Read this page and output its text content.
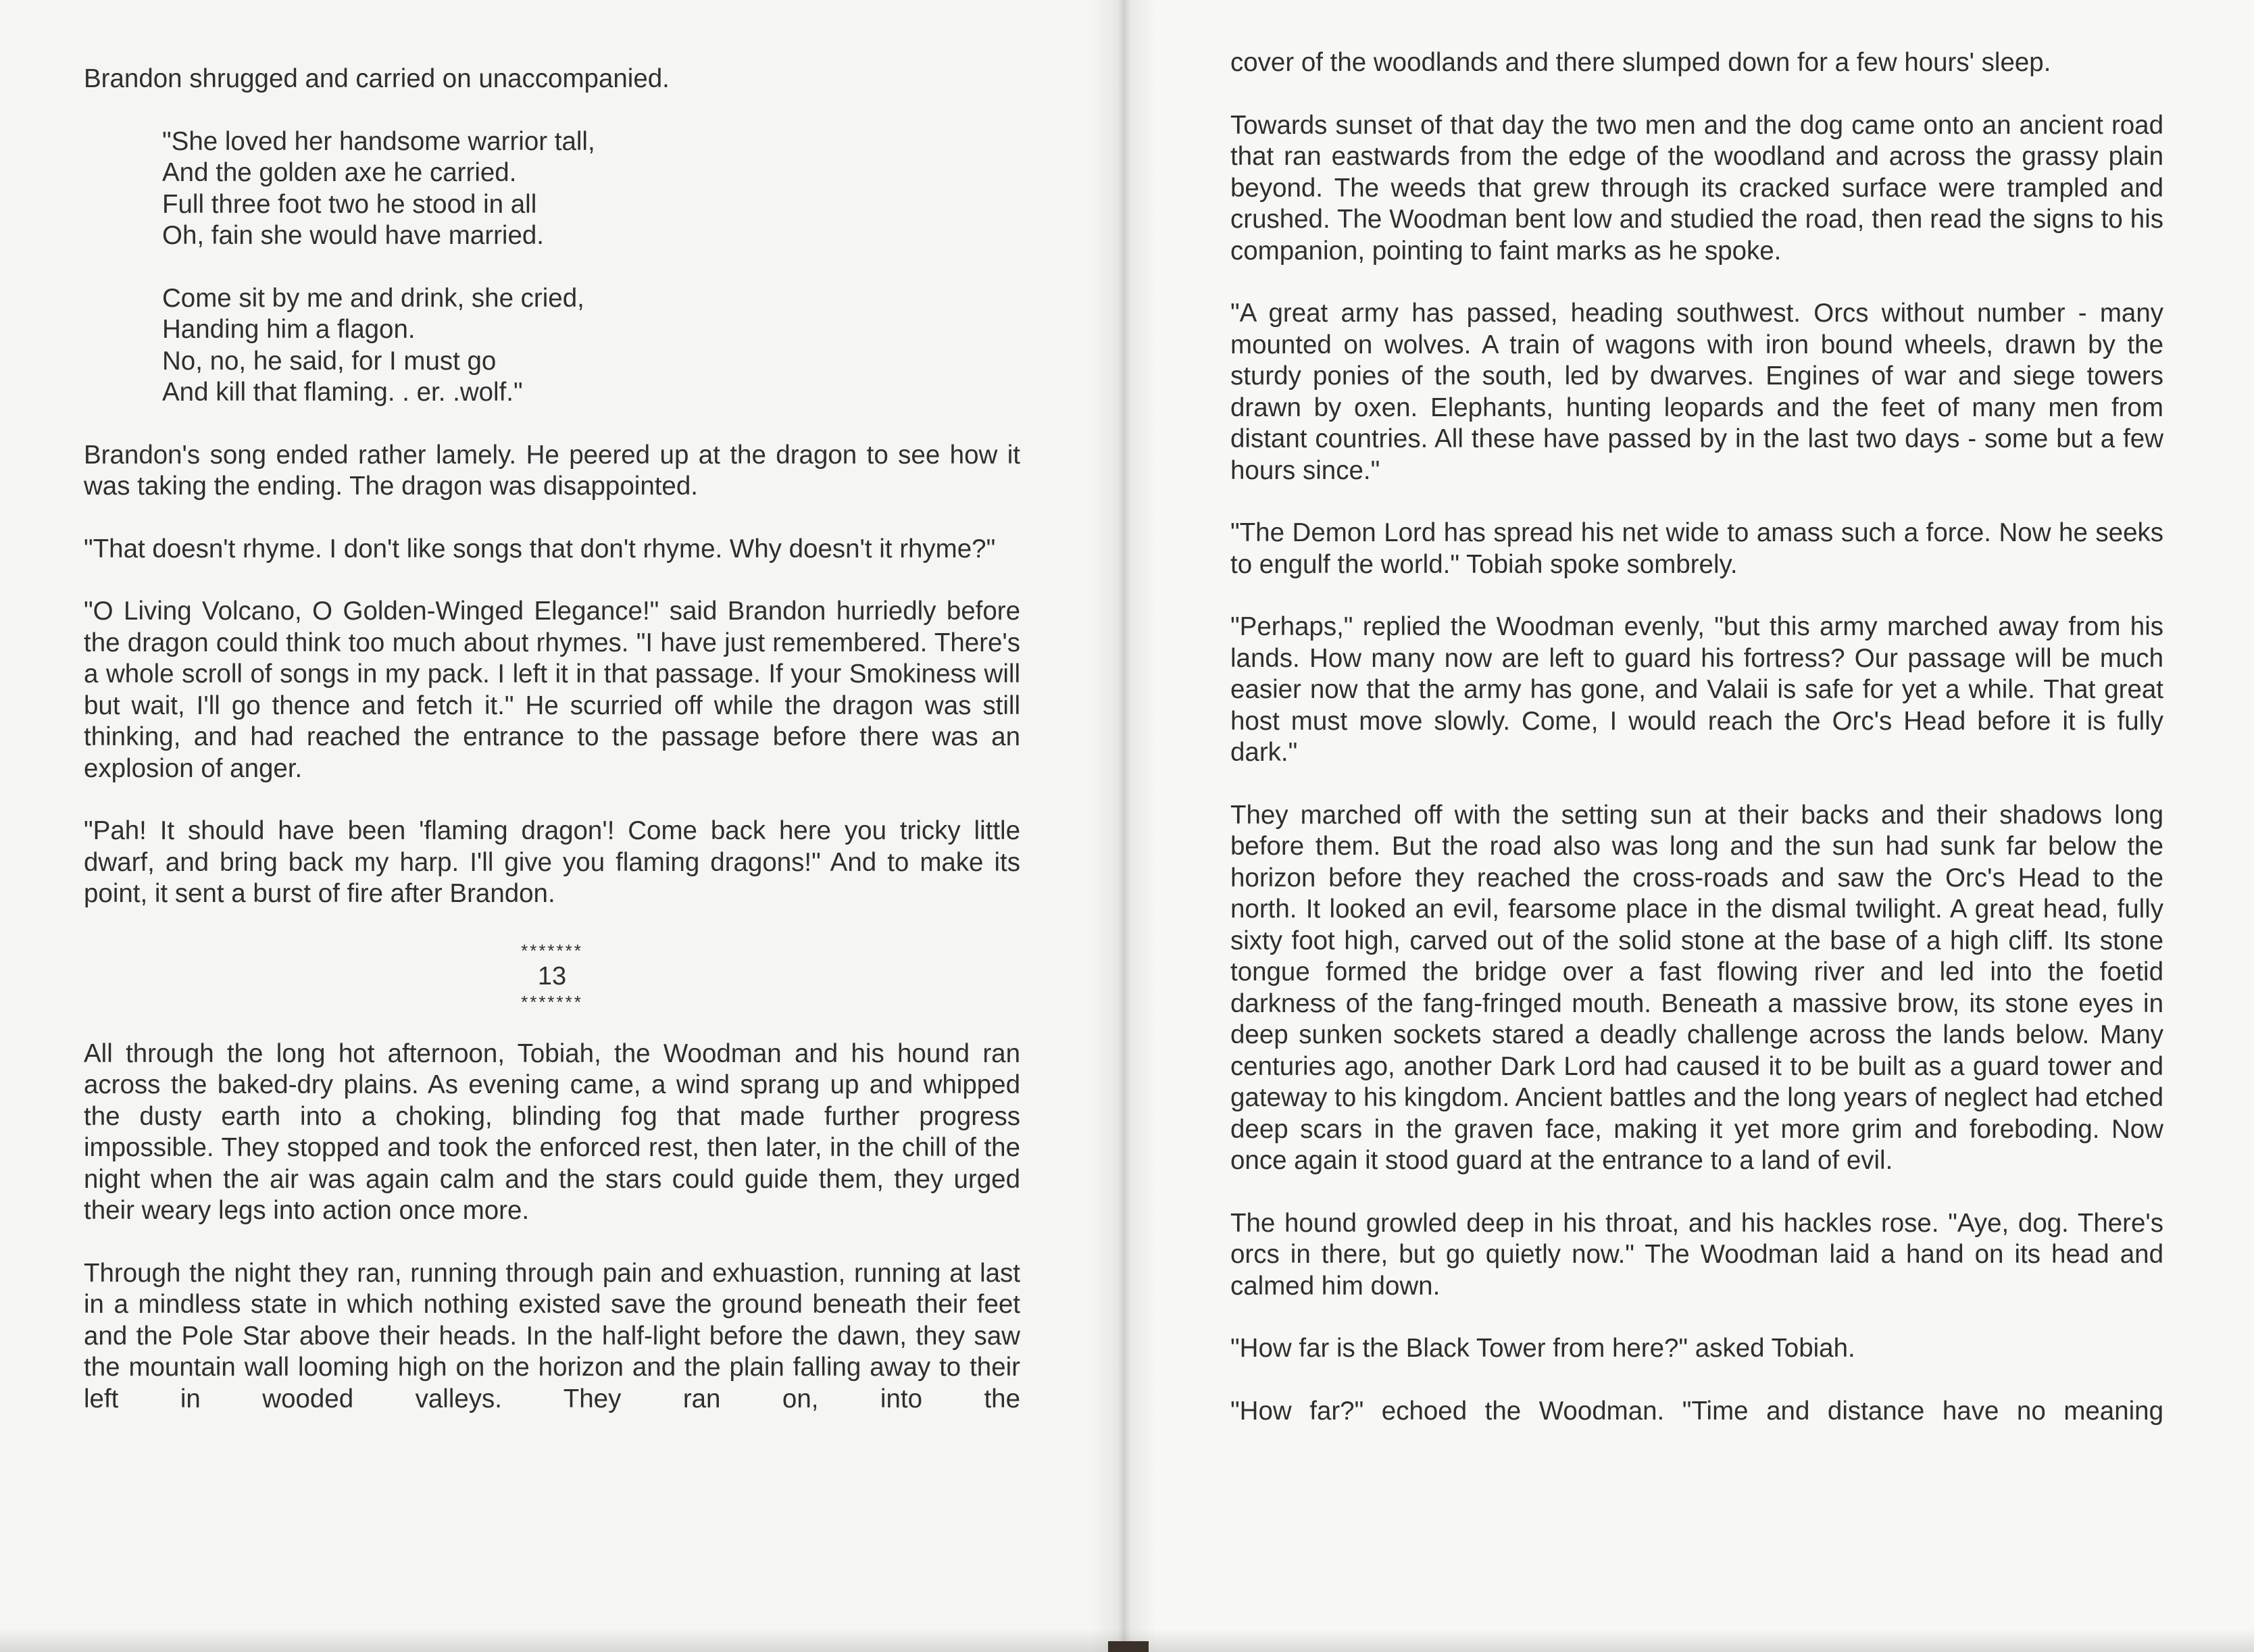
Brandon shrugged and carried on unaccompanied.

"She loved her handsome warrior tall,
And the golden axe he carried.
Full three foot two he stood in all
Oh, fain she would have married.
Come sit by me and drink, she cried,
Handing him a flagon.
No, no, he said, for I must go
And kill that flaming. . er. .wolf."

Brandon's song ended rather lamely. He peered up at the dragon to see how it was taking the ending. The dragon was disappointed.

"That doesn't rhyme. I don't like songs that don't rhyme. Why doesn't it rhyme?"

"O Living Volcano, O Golden-Winged Elegance!" said Brandon hurriedly before the dragon could think too much about rhymes. "I have just remembered. There's a whole scroll of songs in my pack. I left it in that passage. If your Smokiness will but wait, I'll go thence and fetch it." He scurried off while the dragon was still thinking, and had reached the entrance to the passage before there was an explosion of anger.

"Pah! It should have been 'flaming dragon'! Come back here you tricky little dwarf, and bring back my harp. I'll give you flaming dragons!" And to make its point, it sent a burst of fire after Brandon.

*******
13
*******

All through the long hot afternoon, Tobiah, the Woodman and his hound ran across the baked-dry plains. As evening came, a wind sprang up and whipped the dusty earth into a choking, blinding fog that made further progress impossible. They stopped and took the enforced rest, then later, in the chill of the night when the air was again calm and the stars could guide them, they urged their weary legs into action once more.

Through the night they ran, running through pain and exhuastion, running at last in a mindless state in which nothing existed save the ground beneath their feet and the Pole Star above their heads. In the half-light before the dawn, they saw the mountain wall looming high on the horizon and the plain falling away to their left in wooded valleys. They ran on, into the

cover of the woodlands and there slumped down for a few hours' sleep.

Towards sunset of that day the two men and the dog came onto an ancient road that ran eastwards from the edge of the woodland and across the grassy plain beyond. The weeds that grew through its cracked surface were trampled and crushed. The Woodman bent low and studied the road, then read the signs to his companion, pointing to faint marks as he spoke.

"A great army has passed, heading southwest. Orcs without number - many mounted on wolves. A train of wagons with iron bound wheels, drawn by the sturdy ponies of the south, led by dwarves. Engines of war and siege towers drawn by oxen. Elephants, hunting leopards and the feet of many men from distant countries. All these have passed by in the last two days - some but a few hours since."

"The Demon Lord has spread his net wide to amass such a force. Now he seeks to engulf the world." Tobiah spoke sombrely.

"Perhaps," replied the Woodman evenly, "but this army marched away from his lands. How many now are left to guard his fortress? Our passage will be much easier now that the army has gone, and Valaii is safe for yet a while. That great host must move slowly. Come, I would reach the Orc's Head before it is fully dark."

They marched off with the setting sun at their backs and their shadows long before them. But the road also was long and the sun had sunk far below the horizon before they reached the cross-roads and saw the Orc's Head to the north. It looked an evil, fearsome place in the dismal twilight. A great head, fully sixty foot high, carved out of the solid stone at the base of a high cliff. Its stone tongue formed the bridge over a fast flowing river and led into the foetid darkness of the fang-fringed mouth. Beneath a massive brow, its stone eyes in deep sunken sockets stared a deadly challenge across the lands below. Many centuries ago, another Dark Lord had caused it to be built as a guard tower and gateway to his kingdom. Ancient battles and the long years of neglect had etched deep scars in the graven face, making it yet more grim and foreboding. Now once again it stood guard at the entrance to a land of evil.

The hound growled deep in his throat, and his hackles rose. "Aye, dog. There's orcs in there, but go quietly now." The Woodman laid a hand on its head and calmed him down.

"How far is the Black Tower from here?" asked Tobiah.

"How far?" echoed the Woodman. "Time and distance have no meaning
